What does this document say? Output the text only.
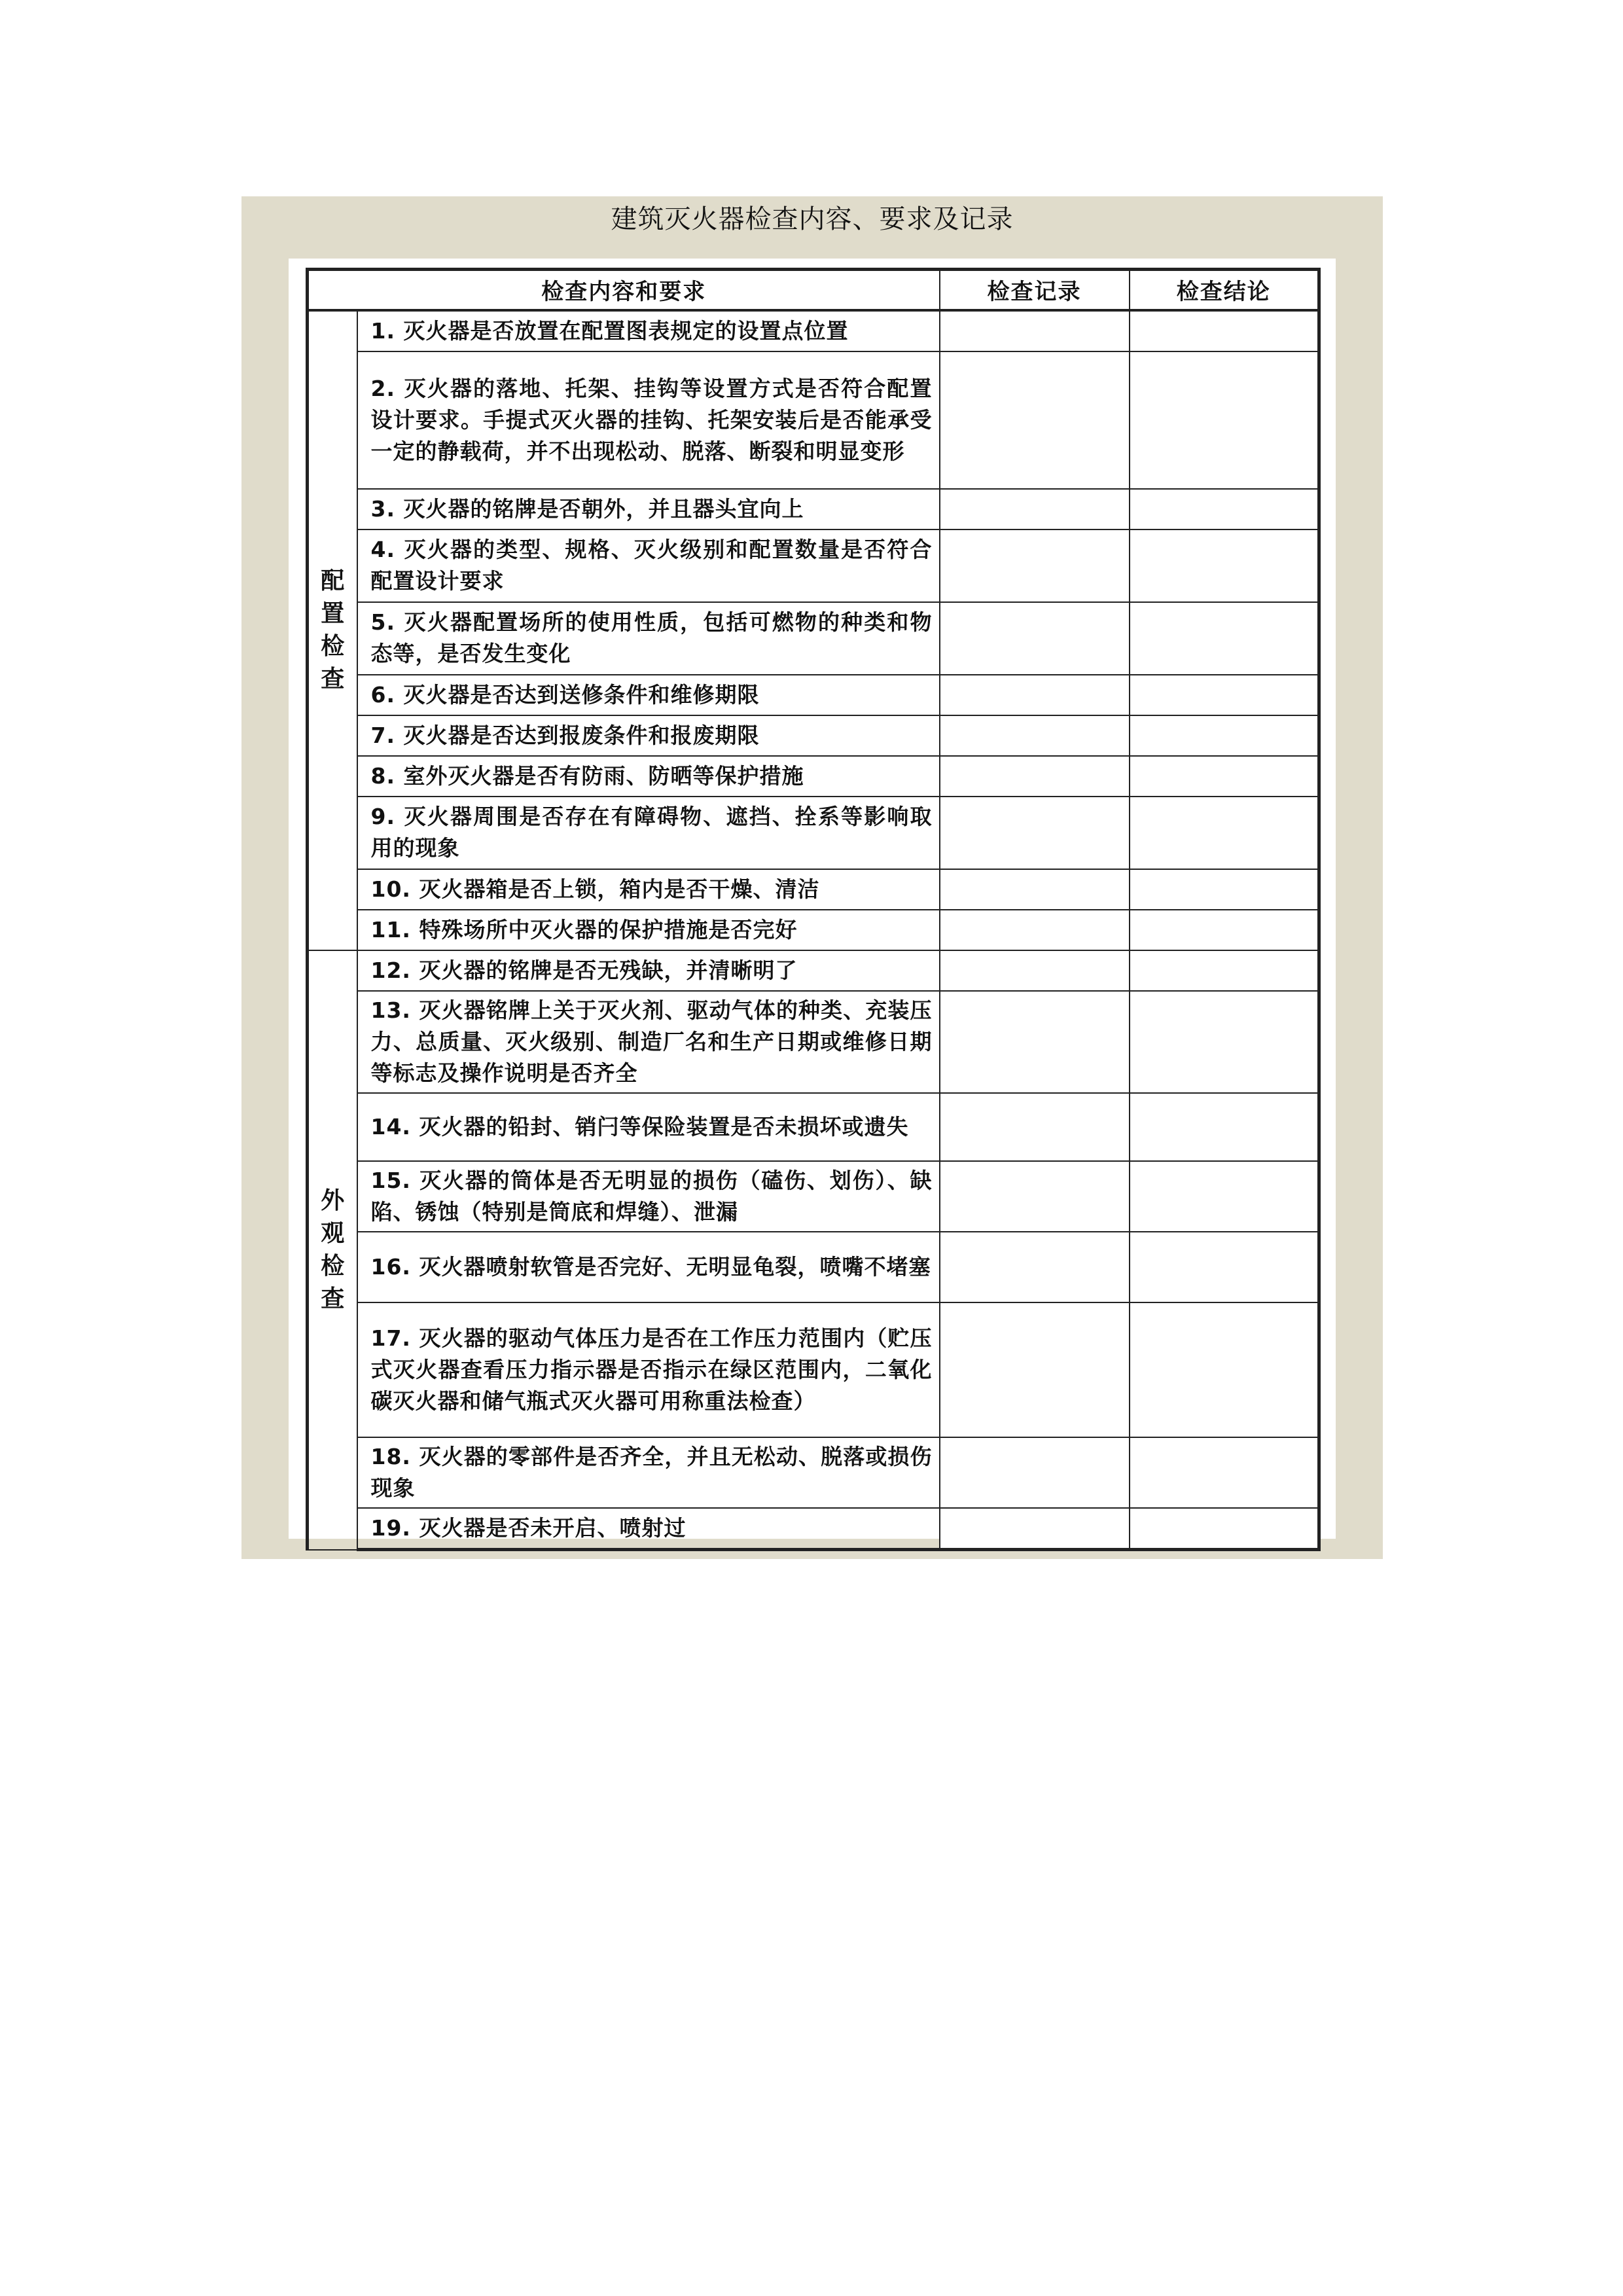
建筑灭火器检查内容、要求及记录
检查内容和要求		检查记录	检查结论
配置检查	1. 灭火器是否放置在配置图表规定的设置点位置		
	2. 灭火器的落地、托架、挂钩等设置方式是否符合配置设计要求。手提式灭火器的挂钩、托架安装后是否能承受一定的静载荷，并不出现松动、脱落、断裂和明显变形		
	3. 灭火器的铭牌是否朝外，并且器头宜向上		
	4. 灭火器的类型、规格、灭火级别和配置数量是否符合配置设计要求		
	5. 灭火器配置场所的使用性质，包括可燃物的种类和物态等，是否发生变化		
	6. 灭火器是否达到送修条件和维修期限		
	7. 灭火器是否达到报废条件和报废期限		
	8. 室外灭火器是否有防雨、防晒等保护措施		
	9. 灭火器周围是否存在有障碍物、遮挡、拴系等影响取用的现象		
	10. 灭火器箱是否上锁，箱内是否干燥、清洁		
	11. 特殊场所中灭火器的保护措施是否完好		
外观检查	12. 灭火器的铭牌是否无残缺，并清晰明了		
	13. 灭火器铭牌上关于灭火剂、驱动气体的种类、充装压力、总质量、灭火级别、制造厂名和生产日期或维修日期等标志及操作说明是否齐全		
	14. 灭火器的铅封、销闩等保险装置是否未损坏或遗失		
	15. 灭火器的筒体是否无明显的损伤（磕伤、划伤）、缺陷、锈蚀（特别是筒底和焊缝）、泄漏		
	16. 灭火器喷射软管是否完好、无明显龟裂，喷嘴不堵塞		
	17. 灭火器的驱动气体压力是否在工作压力范围内（贮压式灭火器查看压力指示器是否指示在绿区范围内，二氧化碳灭火器和储气瓶式灭火器可用称重法检查）		
	18. 灭火器的零部件是否齐全，并且无松动、脱落或损伤现象		
	19. 灭火器是否未开启、喷射过		
